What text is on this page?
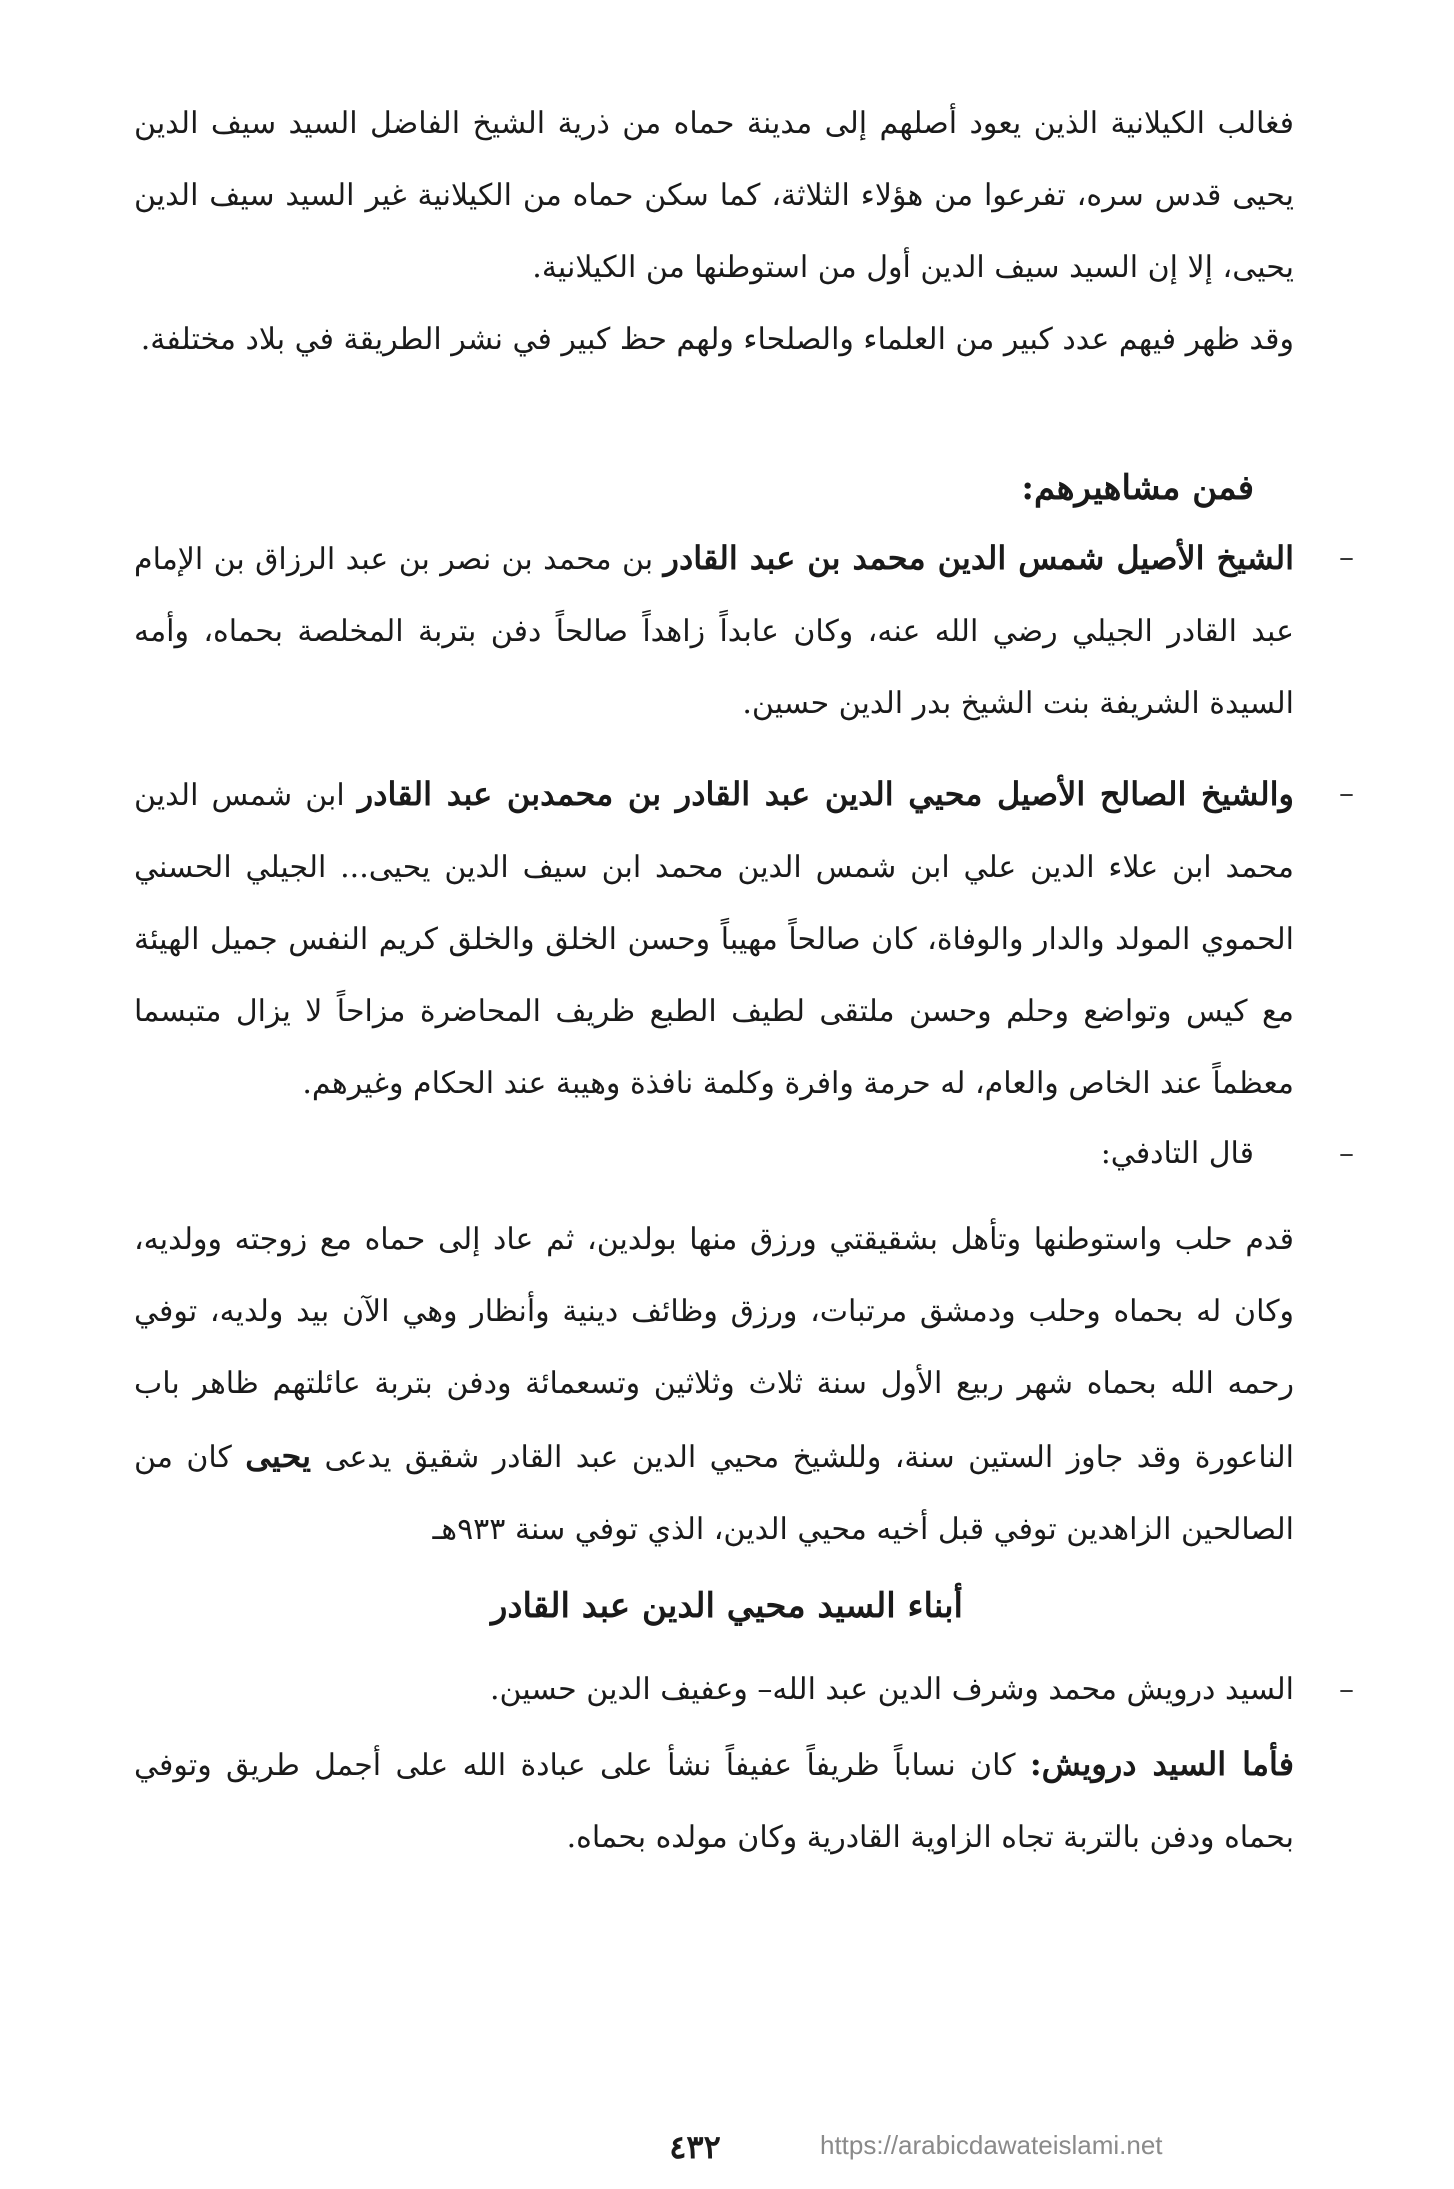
فغالب الكيلانية الذين يعود أصلهم إلى مدينة حماه من ذرية الشيخ الفاضل السيد سيف الدين يحيى قدس سره، تفرعوا من هؤلاء الثلاثة، كما سكن حماه من الكيلانية غير السيد سيف الدين يحيى، إلا إن السيد سيف الدين أول من استوطنها من الكيلانية.
وقد ظهر فيهم عدد كبير من العلماء والصلحاء ولهم حظ كبير في نشر الطريقة في بلاد مختلفة.
فمن مشاهيرهم:
–
الشيخ الأصيل شمس الدين محمد بن عبد القادر بن محمد بن نصر بن عبد الرزاق بن الإمام عبد القادر الجيلي رضي الله عنه، وكان عابداً زاهداً صالحاً دفن بتربة المخلصة بحماه، وأمه السيدة الشريفة بنت الشيخ بدر الدين حسين.
–
والشيخ الصالح الأصيل محيي الدين عبد القادر بن محمدبن عبد القادر ابن شمس الدين محمد ابن علاء الدين علي ابن شمس الدين محمد ابن سيف الدين يحيى... الجيلي الحسني الحموي المولد والدار والوفاة، كان صالحاً مهيباً وحسن الخلق والخلق كريم النفس جميل الهيئة مع كيس وتواضع وحلم وحسن ملتقى لطيف الطبع ظريف المحاضرة مزاحاً لا يزال متبسما معظماً عند الخاص والعام، له حرمة وافرة وكلمة نافذة وهيبة عند الحكام وغيرهم.
–
قال التادفي:
قدم حلب واستوطنها وتأهل بشقيقتي ورزق منها بولدين، ثم عاد إلى حماه مع زوجته وولديه، وكان له بحماه وحلب ودمشق مرتبات، ورزق وظائف دينية وأنظار وهي الآن بيد ولديه، توفي رحمه الله بحماه شهر ربيع الأول سنة ثلاث وثلاثين وتسعمائة ودفن بتربة عائلتهم ظاهر باب الناعورة وقد جاوز الستين سنة، وللشيخ محيي الدين عبد القادر شقيق يدعى يحيى كان من الصالحين الزاهدين توفي قبل أخيه محيي الدين، الذي توفي سنة ٩٣٣هـ
أبناء السيد محيي الدين عبد القادر
–
السيد درويش محمد وشرف الدين عبد الله– وعفيف الدين حسين.
فأما السيد درويش: كان نساباً ظريفاً عفيفاً نشأ على عبادة الله على أجمل طريق وتوفي بحماه ودفن بالتربة تجاه الزاوية القادرية وكان مولده بحماه.
٤٣٢	https://arabicdawateislami.net
